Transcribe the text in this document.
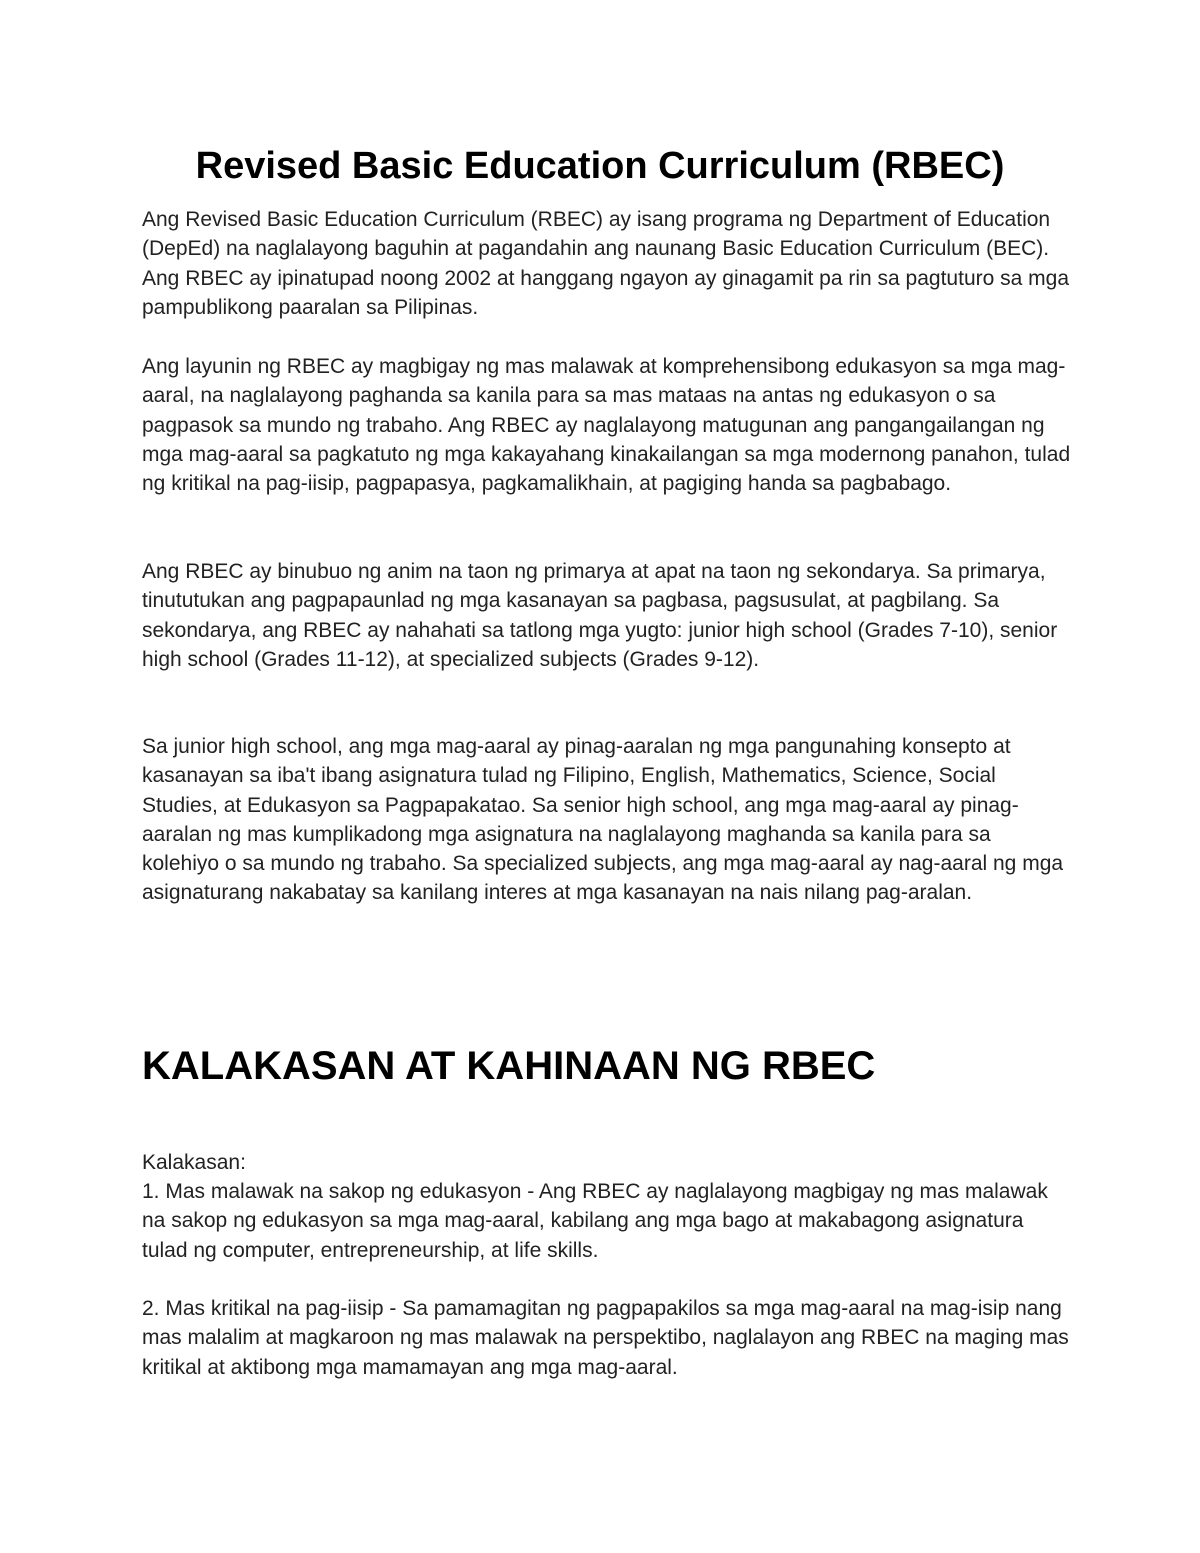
Revised Basic Education Curriculum (RBEC)

Ang Revised Basic Education Curriculum (RBEC) ay isang programa ng Department of Education (DepEd) na naglalayong baguhin at pagandahin ang naunang Basic Education Curriculum (BEC). Ang RBEC ay ipinatupad noong 2002 at hanggang ngayon ay ginagamit pa rin sa pagtuturo sa mga pampublikong paaralan sa Pilipinas.

Ang layunin ng RBEC ay magbigay ng mas malawak at komprehensibong edukasyon sa mga mag-aaral, na naglalayong paghanda sa kanila para sa mas mataas na antas ng edukasyon o sa pagpasok sa mundo ng trabaho. Ang RBEC ay naglalayong matugunan ang pangangailangan ng mga mag-aaral sa pagkatuto ng mga kakayahang kinakailangan sa mga modernong panahon, tulad ng kritikal na pag-iisip, pagpapasya, pagkamalikhain, at pagiging handa sa pagbabago.

Ang RBEC ay binubuo ng anim na taon ng primarya at apat na taon ng sekondarya. Sa primarya, tinututukan ang pagpapaunlad ng mga kasanayan sa pagbasa, pagsusulat, at pagbilang. Sa sekondarya, ang RBEC ay nahahati sa tatlong mga yugto: junior high school (Grades 7-10), senior high school (Grades 11-12), at specialized subjects (Grades 9-12).

Sa junior high school, ang mga mag-aaral ay pinag-aaralan ng mga pangunahing konsepto at kasanayan sa iba't ibang asignatura tulad ng Filipino, English, Mathematics, Science, Social Studies, at Edukasyon sa Pagpapakatao. Sa senior high school, ang mga mag-aaral ay pinag-aaralan ng mas kumplikadong mga asignatura na naglalayong maghanda sa kanila para sa kolehiyo o sa mundo ng trabaho. Sa specialized subjects, ang mga mag-aaral ay nag-aaral ng mga asignaturang nakabatay sa kanilang interes at mga kasanayan na nais nilang pag-aralan.

KALAKASAN AT KAHINAAN NG RBEC

Kalakasan:

1. Mas malawak na sakop ng edukasyon - Ang RBEC ay naglalayong magbigay ng mas malawak na sakop ng edukasyon sa mga mag-aaral, kabilang ang mga bago at makabagong asignatura tulad ng computer, entrepreneurship, at life skills.

2. Mas kritikal na pag-iisip - Sa pamamagitan ng pagpapakilos sa mga mag-aaral na mag-isip nang mas malalim at magkaroon ng mas malawak na perspektibo, naglalayon ang RBEC na maging mas kritikal at aktibong mga mamamayan ang mga mag-aaral.
